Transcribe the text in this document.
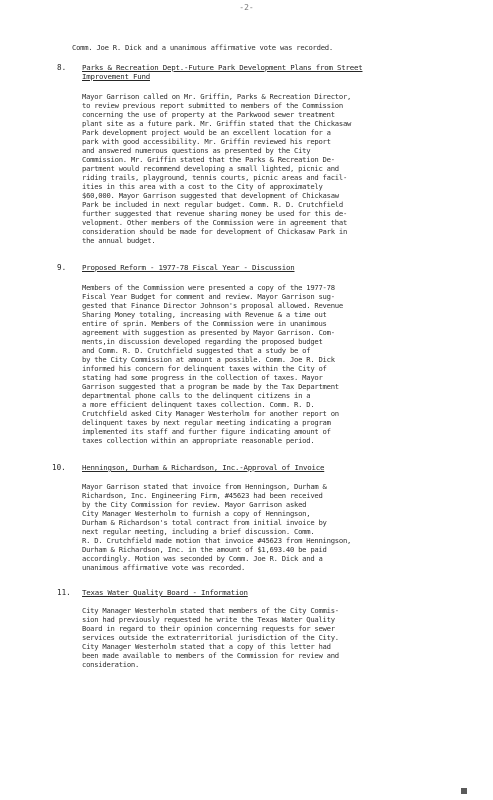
-2-
Comm. Joe R. Dick and a unanimous affirmative vote was recorded.
8. Parks & Recreation Dept.-Future Park Development Plans from Street
Improvement Fund
Mayor Garrison called on Mr. Griffin, Parks & Recreation Director,
to review previous report submitted to members of the Commission
concerning the use of property at the Parkwood sewer treatment
plant site as a future park. Mr. Griffin stated that the Chickasaw
Park development project would be an excellent location for a
park with good accessibility. Mr. Griffin reviewed his report
and answered numerous questions as presented by the City
Commission. Mr. Griffin stated that the Parks & Recreation De-
partment would recommend developing a small lighted, picnic and
riding trails, playground, tennis courts, picnic areas and facil-
ities in this area with a cost to the City of approximately
$60,000. Mayor Garrison suggested that development of Chickasaw
Park be included in next regular budget. Comm. R. D. Crutchfield
further suggested that revenue sharing money be used for this de-
velopment. Other members of the Commission were in agreement that
consideration should be made for development of Chickasaw Park in
the annual budget.
9. Proposed Reform - 1977-78 Fiscal Year - Discussion
Members of the Commission were presented a copy of the 1977-78
Fiscal Year Budget for comment and review. Mayor Garrison sug-
gested that Finance Director Johnson's proposal allowed. Revenue
Sharing Money totaling, increasing with Revenue & a time out
entire of sprin. Members of the Commission were in unanimous
agreement with suggestion as presented by Mayor Garrison. Com-
ments,in discussion developed regarding the proposed budget
and Comm. R. D. Crutchfield suggested that a study be of
by the City Commission at amount a possible. Comm. Joe R. Dick
informed his concern for delinquent taxes within the City of
stating had some progress in the collection of taxes. Mayor
Garrison suggested that a program be made by the Tax Department
departmental phone calls to the delinquent citizens in a
a more efficient delinquent taxes collection. Comm. R. D.
Crutchfield asked City Manager Westerholm for another report on
delinquent taxes by next regular meeting indicating a program
implemented its staff and further figure indicating amount of
taxes collection within an appropriate reasonable period.
10. Henningson, Durham & Richardson, Inc.-Approval of Invoice
Mayor Garrison stated that invoice from Henningson, Durham &
Richardson, Inc. Engineering Firm, #45623 had been received
by the City Commission for review. Mayor Garrison asked
City Manager Westerholm to furnish a copy of Henningson,
Durham & Richardson's total contract from initial invoice by
next regular meeting, including a brief discussion. Comm.
R. D. Crutchfield made motion that invoice #45623 from Henningson,
Durham & Richardson, Inc. in the amount of $1,693.40 be paid
accordingly. Motion was seconded by Comm. Joe R. Dick and a
unanimous affirmative vote was recorded.
11. Texas Water Quality Board - Information
City Manager Westerholm stated that members of the City Commis-
sion had previously requested he write the Texas Water Quality
Board in regard to their opinion concerning requests for sewer
services outside the extraterritorial jurisdiction of the City.
City Manager Westerholm stated that a copy of this letter had
been made available to members of the Commission for review and
consideration.
